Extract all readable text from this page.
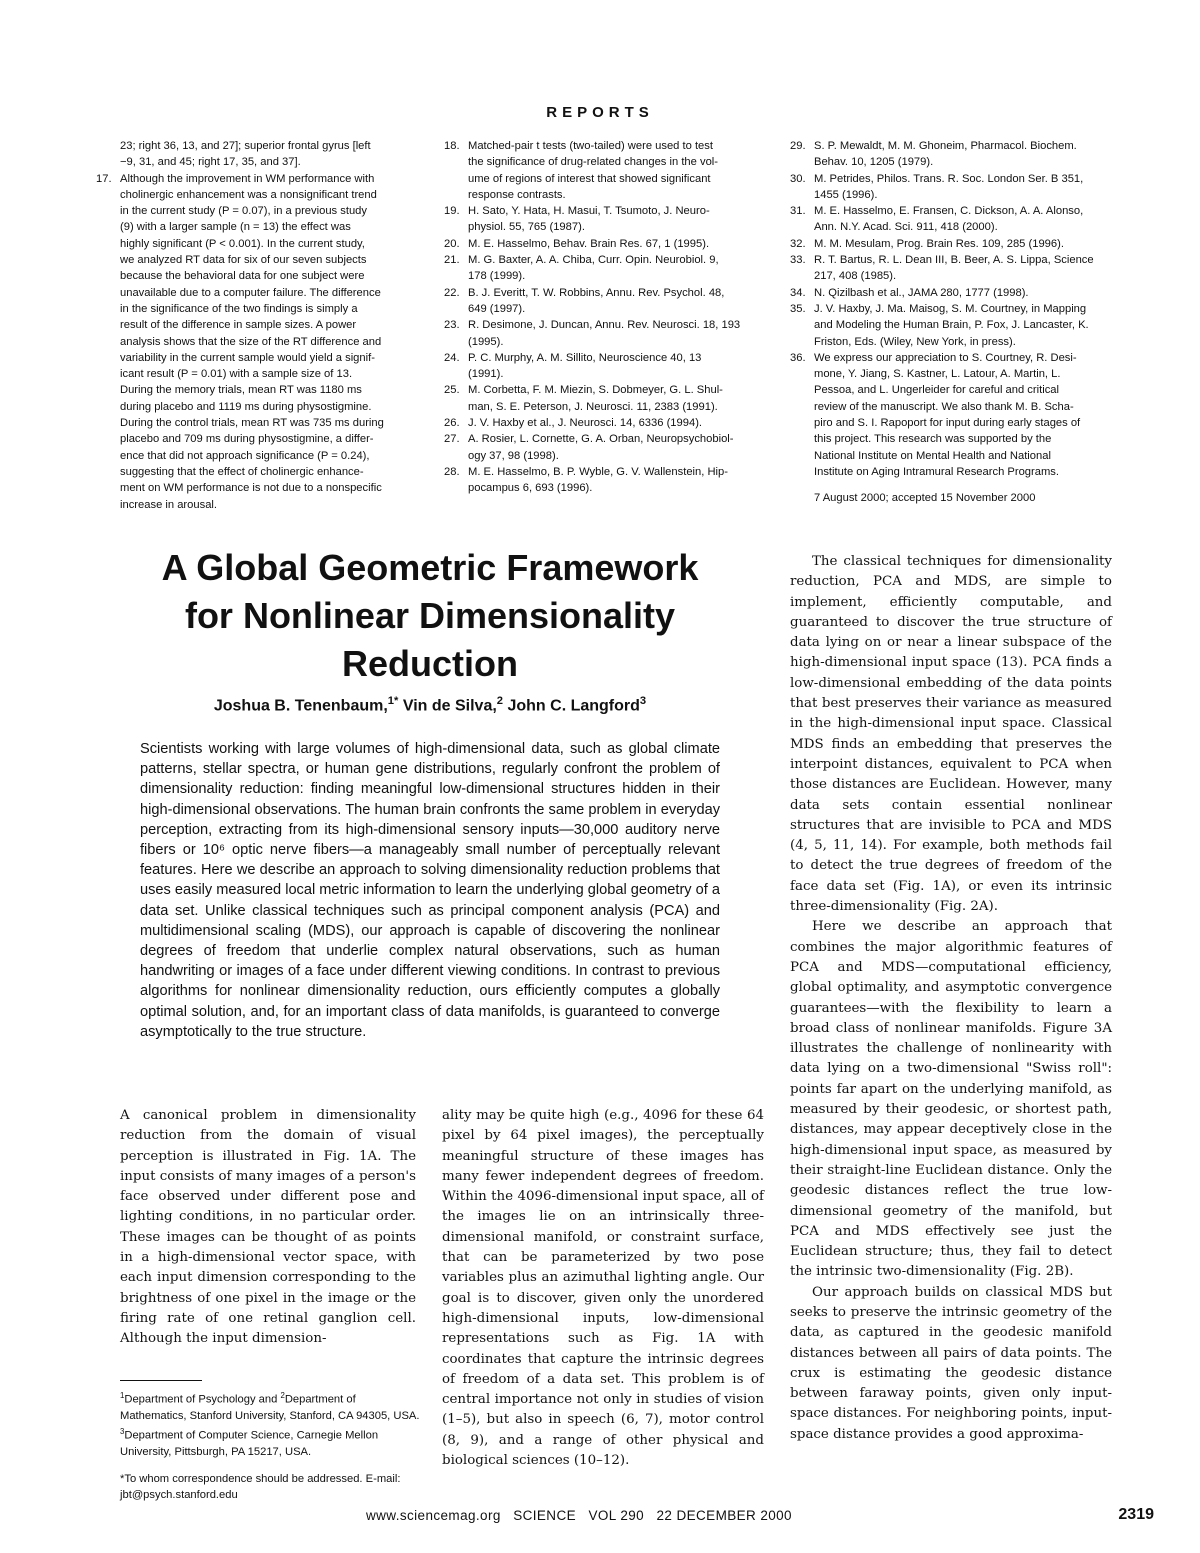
REPORTS
23; right 36, 13, and 27]; superior frontal gyrus [left
−9, 31, and 45; right 17, 35, and 37].
17. Although the improvement in WM performance with
cholinergic enhancement was a nonsignificant trend
in the current study (P = 0.07), in a previous study
(9) with a larger sample (n = 13) the effect was
highly significant (P < 0.001). In the current study,
we analyzed RT data for six of our seven subjects
because the behavioral data for one subject were
unavailable due to a computer failure. The difference
in the significance of the two findings is simply a
result of the difference in sample sizes. A power
analysis shows that the size of the RT difference and
variability in the current sample would yield a signif-
icant result (P = 0.01) with a sample size of 13.
During the memory trials, mean RT was 1180 ms
during placebo and 1119 ms during physostigmine.
During the control trials, mean RT was 735 ms during
placebo and 709 ms during physostigmine, a differ-
ence that did not approach significance (P = 0.24),
suggesting that the effect of cholinergic enhance-
ment on WM performance is not due to a nonspecific
increase in arousal.
18. Matched-pair t tests (two-tailed) were used to test
the significance of drug-related changes in the vol-
ume of regions of interest that showed significant
response contrasts.
19. H. Sato, Y. Hata, H. Masui, T. Tsumoto, J. Neuro-
physiol. 55, 765 (1987).
20. M. E. Hasselmo, Behav. Brain Res. 67, 1 (1995).
21. M. G. Baxter, A. A. Chiba, Curr. Opin. Neurobiol. 9,
178 (1999).
22. B. J. Everitt, T. W. Robbins, Annu. Rev. Psychol. 48,
649 (1997).
23. R. Desimone, J. Duncan, Annu. Rev. Neurosci. 18, 193
(1995).
24. P. C. Murphy, A. M. Sillito, Neuroscience 40, 13
(1991).
25. M. Corbetta, F. M. Miezin, S. Dobmeyer, G. L. Shul-
man, S. E. Peterson, J. Neurosci. 11, 2383 (1991).
26. J. V. Haxby et al., J. Neurosci. 14, 6336 (1994).
27. A. Rosier, L. Cornette, G. A. Orban, Neuropsychobiol-
ogy 37, 98 (1998).
28. M. E. Hasselmo, B. P. Wyble, G. V. Wallenstein, Hip-
pocampus 6, 693 (1996).
29. S. P. Mewaldt, M. M. Ghoneim, Pharmacol. Biochem.
Behav. 10, 1205 (1979).
30. M. Petrides, Philos. Trans. R. Soc. London Ser. B 351,
1455 (1996).
31. M. E. Hasselmo, E. Fransen, C. Dickson, A. A. Alonso,
Ann. N.Y. Acad. Sci. 911, 418 (2000).
32. M. M. Mesulam, Prog. Brain Res. 109, 285 (1996).
33. R. T. Bartus, R. L. Dean III, B. Beer, A. S. Lippa, Science
217, 408 (1985).
34. N. Qizilbash et al., JAMA 280, 1777 (1998).
35. J. V. Haxby, J. Ma. Maisog, S. M. Courtney, in Mapping
and Modeling the Human Brain, P. Fox, J. Lancaster, K.
Friston, Eds. (Wiley, New York, in press).
36. We express our appreciation to S. Courtney, R. Desi-
mone, Y. Jiang, S. Kastner, L. Latour, A. Martin, L.
Pessoa, and L. Ungerleider for careful and critical
review of the manuscript. We also thank M. B. Scha-
piro and S. I. Rapoport for input during early stages of
this project. This research was supported by the
National Institute on Mental Health and National
Institute on Aging Intramural Research Programs.
7 August 2000; accepted 15 November 2000
A Global Geometric Framework
for Nonlinear Dimensionality
Reduction
Joshua B. Tenenbaum,$^{1*}$ Vin de Silva,$^2$ John C. Langford$^3$
Scientists working with large volumes of high-dimensional data, such as global climate patterns, stellar spectra, or human gene distributions, regularly confront the problem of dimensionality reduction: finding meaningful low-dimensional structures hidden in their high-dimensional observations. The human brain confronts the same problem in everyday perception, extracting from its high-dimensional sensory inputs—30,000 auditory nerve fibers or 10⁶ optic nerve fibers—a manageably small number of perceptually relevant features. Here we describe an approach to solving dimensionality reduction problems that uses easily measured local metric information to learn the underlying global geometry of a data set. Unlike classical techniques such as principal component analysis (PCA) and multidimensional scaling (MDS), our approach is capable of discovering the nonlinear degrees of freedom that underlie complex natural observations, such as human handwriting or images of a face under different viewing conditions. In contrast to previous algorithms for nonlinear dimensionality reduction, ours efficiently computes a globally optimal solution, and, for an important class of data manifolds, is guaranteed to converge asymptotically to the true structure.

A canonical problem in dimensionality reduction from the domain of visual perception is illustrated in Fig. 1A. The input consists of many images of a person's face observed under different pose and lighting conditions, in no particular order. These images can be thought of as points in a high-dimensional vector space, with each input dimension corresponding to the brightness of one pixel in the image or the firing rate of one retinal ganglion cell. Although the input dimension-

$^1$Department of Psychology and $^2$Department of Mathematics, Stanford University, Stanford, CA 94305, USA. $^3$Department of Computer Science, Carnegie Mellon University, Pittsburgh, PA 15217, USA.
*To whom correspondence should be addressed. E-mail: jbt@psych.stanford.edu

ality may be quite high (e.g., 4096 for these 64 pixel by 64 pixel images), the perceptually meaningful structure of these images has many fewer independent degrees of freedom. Within the 4096-dimensional input space, all of the images lie on an intrinsically three-dimensional manifold, or constraint surface, that can be parameterized by two pose variables plus an azimuthal lighting angle. Our goal is to discover, given only the unordered high-dimensional inputs, low-dimensional representations such as Fig. 1A with coordinates that capture the intrinsic degrees of freedom of a data set. This problem is of central importance not only in studies of vision (1–5), but also in speech (6, 7), motor control (8, 9), and a range of other physical and biological sciences (10–12).

The classical techniques for dimensionality reduction, PCA and MDS, are simple to implement, efficiently computable, and guaranteed to discover the true structure of data lying on or near a linear subspace of the high-dimensional input space (13). PCA finds a low-dimensional embedding of the data points that best preserves their variance as measured in the high-dimensional input space. Classical MDS finds an embedding that preserves the interpoint distances, equivalent to PCA when those distances are Euclidean. However, many data sets contain essential nonlinear structures that are invisible to PCA and MDS (4, 5, 11, 14). For example, both methods fail to detect the true degrees of freedom of the face data set (Fig. 1A), or even its intrinsic three-dimensionality (Fig. 2A).

Here we describe an approach that combines the major algorithmic features of PCA and MDS—computational efficiency, global optimality, and asymptotic convergence guarantees—with the flexibility to learn a broad class of nonlinear manifolds. Figure 3A illustrates the challenge of nonlinearity with data lying on a two-dimensional "Swiss roll": points far apart on the underlying manifold, as measured by their geodesic, or shortest path, distances, may appear deceptively close in the high-dimensional input space, as measured by their straight-line Euclidean distance. Only the geodesic distances reflect the true low-dimensional geometry of the manifold, but PCA and MDS effectively see just the Euclidean structure; thus, they fail to detect the intrinsic two-dimensionality (Fig. 2B).

Our approach builds on classical MDS but seeks to preserve the intrinsic geometry of the data, as captured in the geodesic manifold distances between all pairs of data points. The crux is estimating the geodesic distance between faraway points, given only input-space distances. For neighboring points, input-space distance provides a good approxima-

www.sciencemag.org   SCIENCE   VOL 290   22 DECEMBER 2000	2319
